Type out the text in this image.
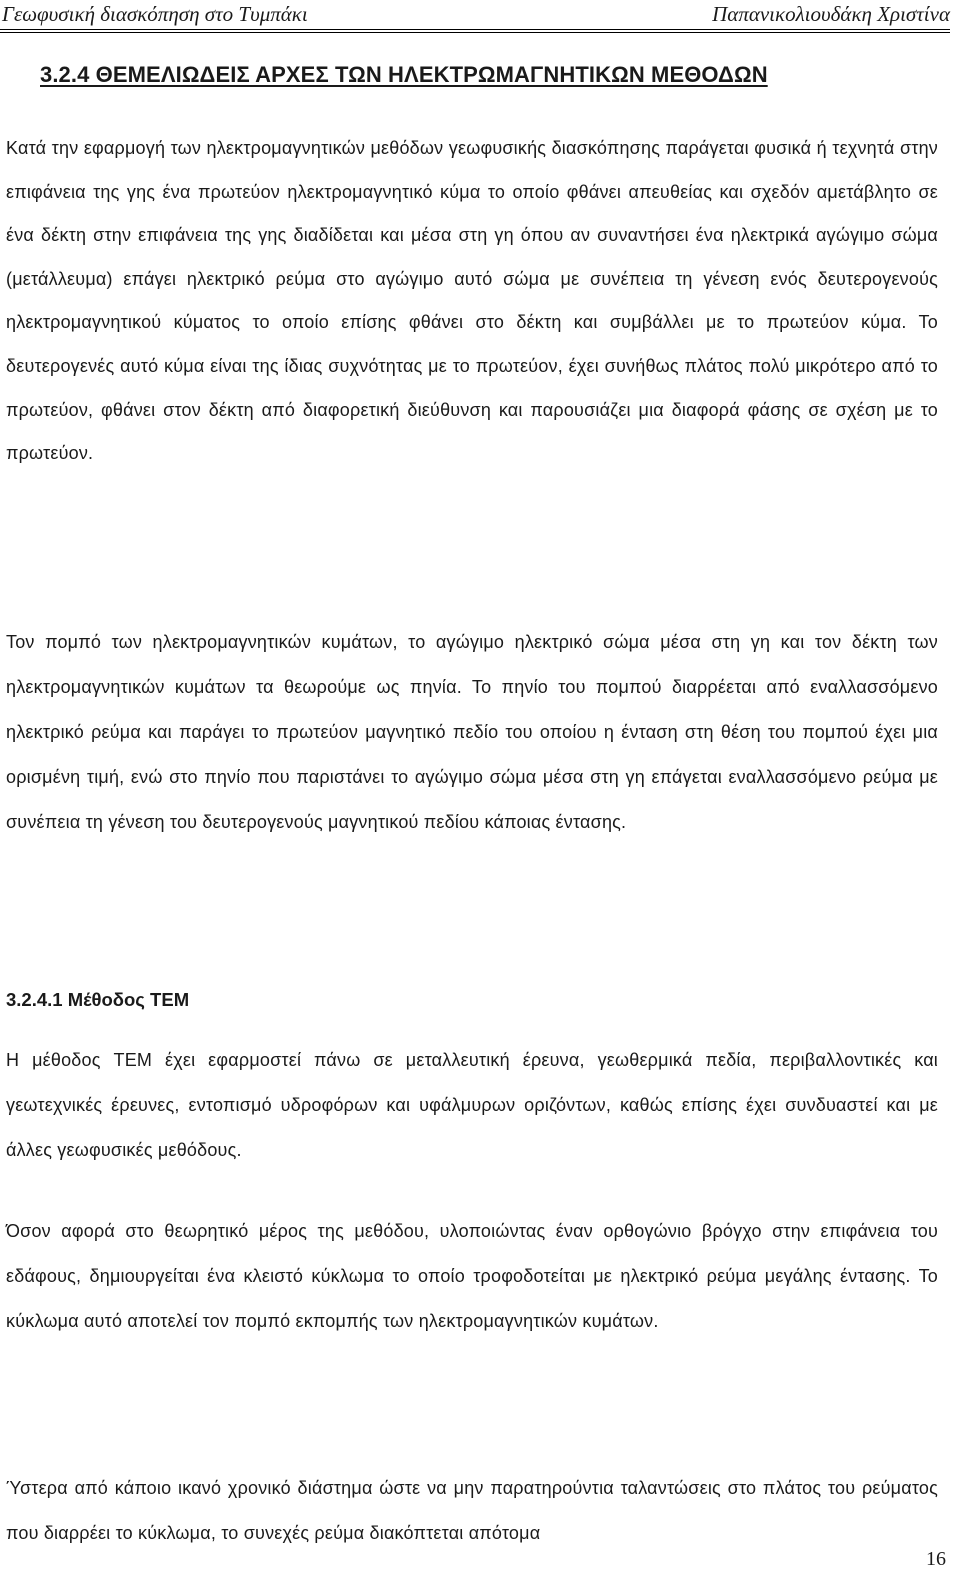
Γεωφυσική διασκόπηση στο Τυμπάκι	Παπανικολιουδάκη Χριστίνα
3.2.4 ΘΕΜΕΛΙΩΔΕΙΣ ΑΡΧΕΣ ΤΩΝ ΗΛΕΚΤΡΩΜΑΓΝΗΤΙΚΩΝ ΜΕΘΟΔΩΝ

Κατά την εφαρμογή των ηλεκτρομαγνητικών μεθόδων γεωφυσικής διασκόπησης παράγεται φυσικά ή τεχνητά στην επιφάνεια της γης ένα πρωτεύον ηλεκτρομαγνητικό κύμα το οποίο φθάνει απευθείας και σχεδόν αμετάβλητο σε ένα δέκτη στην επιφάνεια της γης διαδίδεται και μέσα στη γη όπου αν συναντήσει ένα ηλεκτρικά αγώγιμο σώμα (μετάλλευμα) επάγει ηλεκτρικό ρεύμα στο αγώγιμο αυτό σώμα με συνέπεια τη γένεση ενός δευτερογενούς ηλεκτρομαγνητικού κύματος το οποίο επίσης φθάνει στο δέκτη και συμβάλλει με το πρωτεύον κύμα. Το δευτερογενές αυτό κύμα είναι της ίδιας συχνότητας με το πρωτεύον, έχει συνήθως πλάτος πολύ μικρότερο από το πρωτεύον, φθάνει στον δέκτη από διαφορετική διεύθυνση και παρουσιάζει μια διαφορά φάσης σε σχέση με το πρωτεύον.

Τον πομπό των ηλεκτρομαγνητικών κυμάτων, το αγώγιμο ηλεκτρικό σώμα μέσα στη γη και τον δέκτη των ηλεκτρομαγνητικών κυμάτων τα θεωρούμε ως πηνία. Το πηνίο του πομπού διαρρέεται από εναλλασσόμενο ηλεκτρικό ρεύμα και παράγει το πρωτεύον μαγνητικό πεδίο του οποίου η ένταση στη θέση του πομπού έχει μια ορισμένη τιμή, ενώ στο πηνίο που παριστάνει το αγώγιμο σώμα μέσα στη γη επάγεται εναλλασσόμενο ρεύμα με συνέπεια τη γένεση του δευτερογενούς μαγνητικού πεδίου κάποιας έντασης.

3.2.4.1 Μέθοδος TEM

Η μέθοδος TEM έχει εφαρμοστεί πάνω σε μεταλλευτική έρευνα, γεωθερμικά πεδία, περιβαλλοντικές και γεωτεχνικές έρευνες, εντοπισμό υδροφόρων και υφάλμυρων οριζόντων, καθώς επίσης έχει συνδυαστεί και με άλλες γεωφυσικές μεθόδους.

Όσον αφορά στο θεωρητικό μέρος της μεθόδου, υλοποιώντας έναν ορθογώνιο βρόγχο στην επιφάνεια του εδάφους, δημιουργείται ένα κλειστό κύκλωμα το οποίο τροφοδοτείται με ηλεκτρικό ρεύμα μεγάλης έντασης. Το κύκλωμα αυτό αποτελεί τον πομπό εκπομπής των ηλεκτρομαγνητικών κυμάτων.

Ύστερα από κάποιο ικανό χρονικό διάστημα ώστε να μην παρατηρούντια ταλαντώσεις στο πλάτος του ρεύματος που διαρρέει το κύκλωμα, το συνεχές ρεύμα διακόπτεται απότομα

16
